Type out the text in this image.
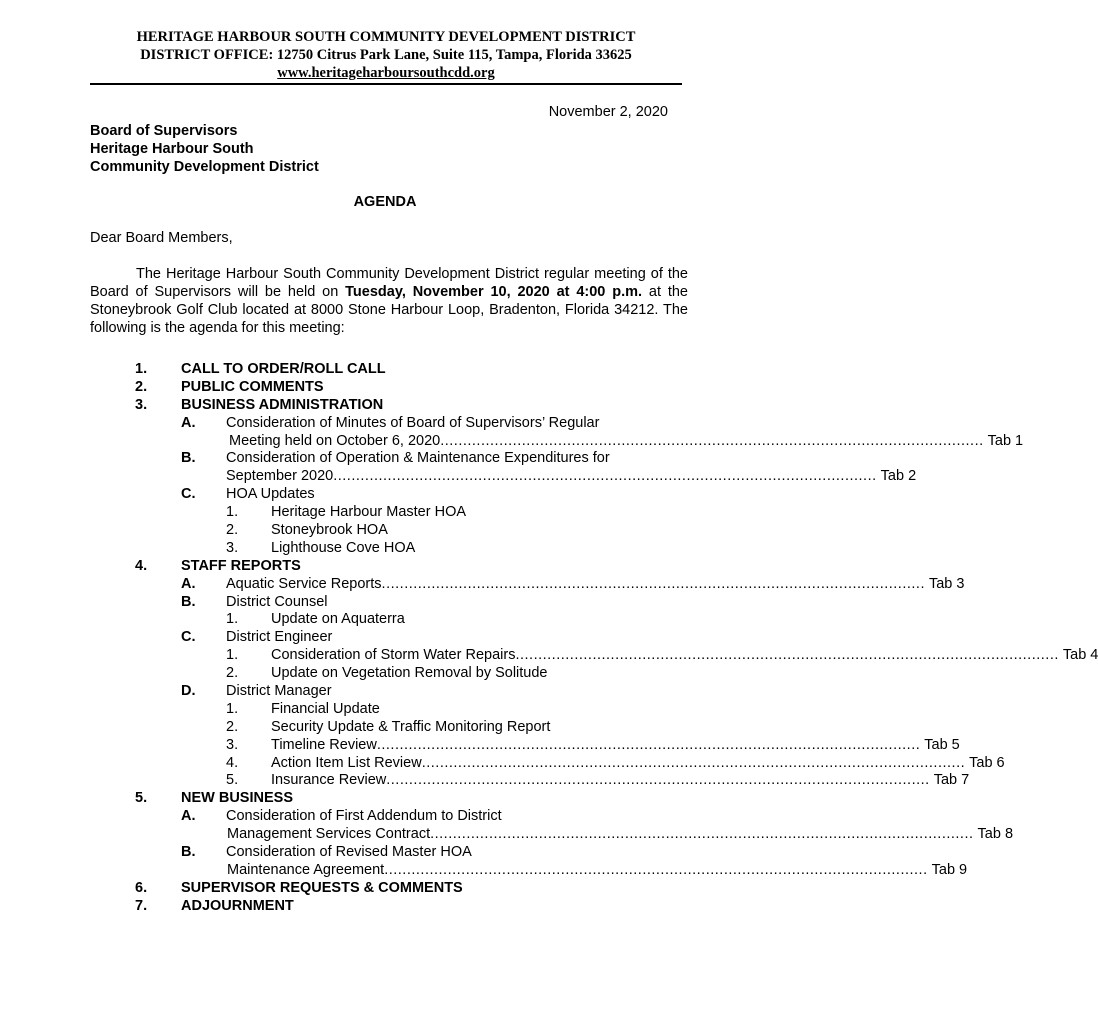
HERITAGE HARBOUR SOUTH COMMUNITY DEVELOPMENT DISTRICT
DISTRICT OFFICE: 12750 Citrus Park Lane, Suite 115, Tampa, Florida 33625
www.heritageharboursouthcdd.org
November 2, 2020
Board of Supervisors
Heritage Harbour South
Community Development District
AGENDA
Dear Board Members,
The Heritage Harbour South Community Development District regular meeting of the Board of Supervisors will be held on Tuesday, November 10, 2020 at 4:00 p.m. at the Stoneybrook Golf Club located at 8000 Stone Harbour Loop, Bradenton, Florida 34212. The following is the agenda for this meeting:
1. CALL TO ORDER/ROLL CALL
2. PUBLIC COMMENTS
3. BUSINESS ADMINISTRATION
A. Consideration of Minutes of Board of Supervisors’ Regular
Meeting held on October 6, 2020 ........................................................................................................................ Tab 1
B. Consideration of Operation & Maintenance Expenditures for
September 2020 ........................................................................................................................ Tab 2
C. HOA Updates
1. Heritage Harbour Master HOA
2. Stoneybrook HOA
3. Lighthouse Cove HOA
4. STAFF REPORTS
A. Aquatic Service Reports ........................................................................................................................ Tab 3
B. District Counsel
1. Update on Aquaterra
C. District Engineer
1. Consideration of Storm Water Repairs ........................................................................................................................ Tab 4
2. Update on Vegetation Removal by Solitude
D. District Manager
1. Financial Update
2. Security Update & Traffic Monitoring Report
3. Timeline Review ........................................................................................................................ Tab 5
4. Action Item List Review ........................................................................................................................ Tab 6
5. Insurance Review ........................................................................................................................ Tab 7
5. NEW BUSINESS
A. Consideration of First Addendum to District
Management Services Contract ........................................................................................................................ Tab 8
B. Consideration of Revised Master HOA
Maintenance Agreement ........................................................................................................................ Tab 9
6. SUPERVISOR REQUESTS & COMMENTS
7. ADJOURNMENT
